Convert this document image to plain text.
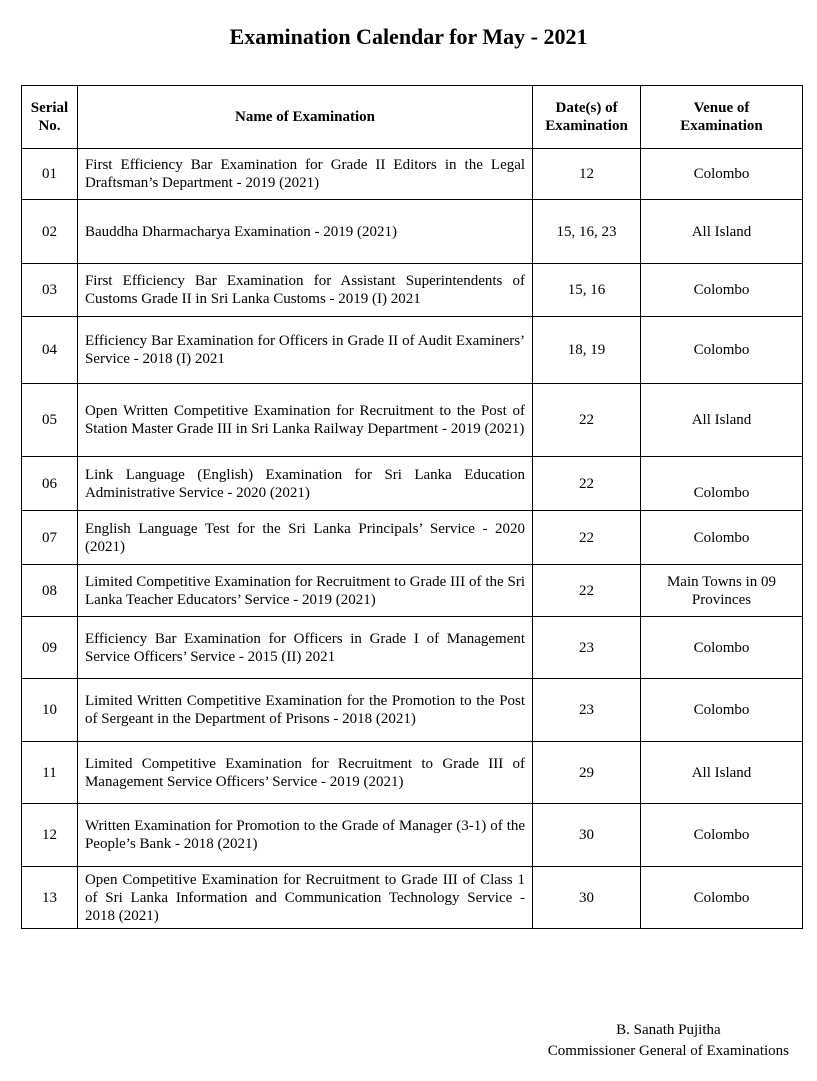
Examination Calendar for May - 2021
Serial No.	Name of Examination	Date(s) of Examination	Venue of Examination
01	First Efficiency Bar Examination for Grade II Editors in the Legal Draftsman’s Department - 2019 (2021)	12	Colombo
02	Bauddha Dharmacharya Examination - 2019 (2021)	15, 16, 23	All Island
03	First Efficiency Bar Examination for Assistant Superintendents of Customs Grade II in Sri Lanka Customs - 2019 (I) 2021	15, 16	Colombo
04	Efficiency Bar Examination for Officers in Grade II of Audit Examiners’ Service - 2018 (I) 2021	18, 19	Colombo
05	Open Written Competitive Examination for Recruitment to the Post of Station Master Grade III in Sri Lanka Railway Department - 2019 (2021)	22	All Island
06	Link Language (English) Examination for Sri Lanka Education Administrative Service - 2020 (2021)	22	Colombo
07	English Language Test for the Sri Lanka Principals’ Service - 2020 (2021)	22	Colombo
08	Limited Competitive Examination for Recruitment to Grade III of the Sri Lanka Teacher Educators’ Service - 2019 (2021)	22	Main Towns in 09 Provinces
09	Efficiency Bar Examination for Officers in Grade I of Management Service Officers’ Service - 2015 (II) 2021	23	Colombo
10	Limited Written Competitive Examination for the Promotion to the Post of Sergeant in the Department of Prisons - 2018 (2021)	23	Colombo
11	Limited Competitive Examination for Recruitment to Grade III of Management Service Officers’ Service - 2019 (2021)	29	All Island
12	Written Examination for Promotion to the Grade of Manager (3-1) of the People’s Bank - 2018 (2021)	30	Colombo
13	Open Competitive Examination for Recruitment to Grade III of Class 1 of Sri Lanka Information and Communication Technology Service - 2018 (2021)	30	Colombo
B. Sanath Pujitha
Commissioner General of Examinations
